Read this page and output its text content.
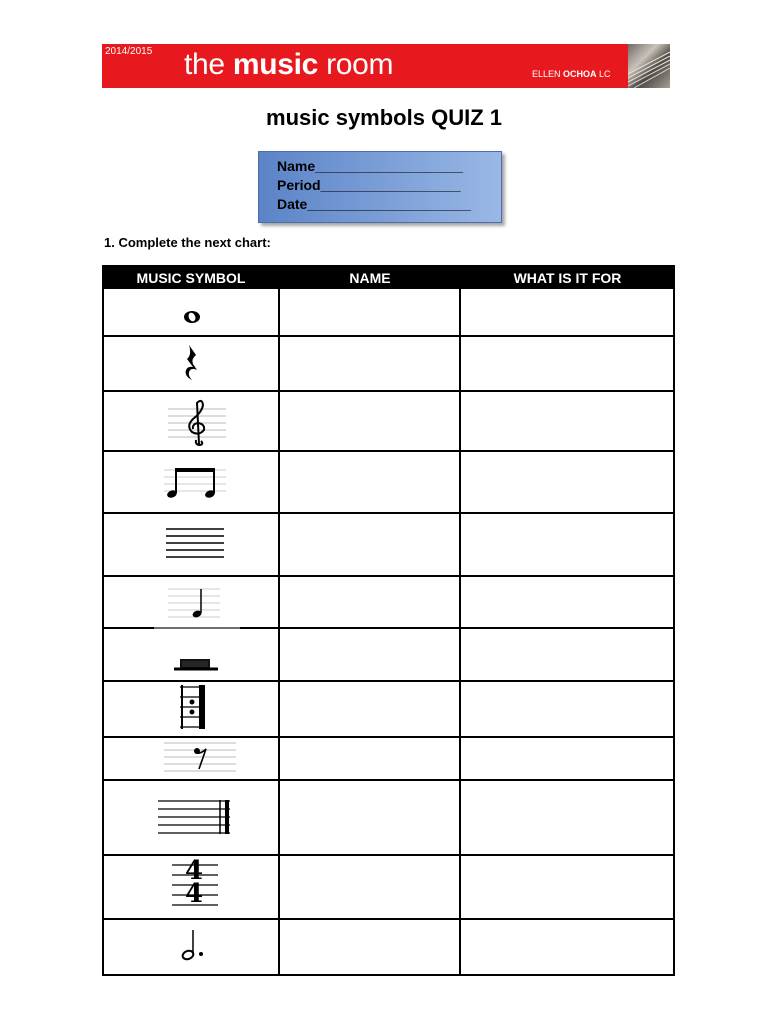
2014/2015 the music room	ELLEN OCHOA LC
music symbols QUIZ 1
Name___________________
Period__________________
Date_____________________
1. Complete the next chart:
MUSIC SYMBOL	NAME	WHAT IS IT FOR
4
4
